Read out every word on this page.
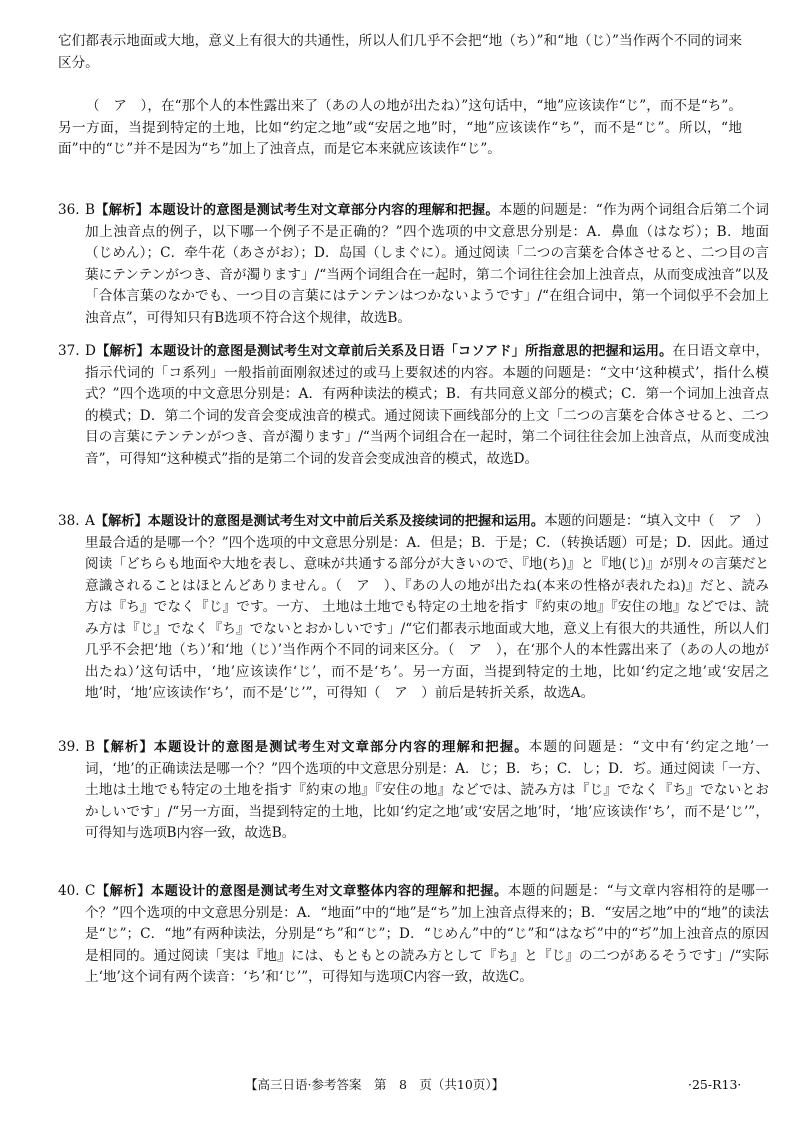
它们都表示地面或大地，意义上有很大的共通性，所以人们几乎不会把“地（ち）”和“地（じ）”当作两个不同的词来区分。
（　ア　），在“那个人的本性露出来了（あの人の地が出たね）”这句话中，“地”应该读作“じ”，而不是“ち”。另一方面，当提到特定的土地，比如“约定之地”或“安居之地”时，“地”应该读作“ち”，而不是“じ”。所以，“地面”中的“じ”并不是因为“ち”加上了浊音点，而是它本来就应该读作“じ”。
36. B【解析】本题设计的意图是测试考生对文章部分内容的理解和把握。本题的问题是：“作为两个词组合后第二个词加上浊音点的例子，以下哪一个例子不是正确的？”四个选项的中文意思分别是：A．鼻血（はなぢ）；B．地面（じめん）；C．牵牛花（あさがお）；D．岛国（しまぐに）。通过阅读「二つの言葉を合体させると、二つ目の言葉にテンテンがつき、音が濁ります」/“当两个词组合在一起时，第二个词往往会加上浊音点，从而变成浊音”以及「合体言葉のなかでも、一つ目の言葉にはテンテンはつかないようです」/“在组合词中，第一个词似乎不会加上浊音点”，可得知只有B选项不符合这个规律，故选B。
37. D【解析】本题设计的意图是测试考生对文章前后关系及日语「コソアド」所指意思的把握和运用。在日语文章中，指示代词的「コ系列」一般指前面刚叙述过的或马上要叙述的内容。本题的问题是：“文中‘这种模式’，指什么模式？”四个选项的中文意思分别是：A．有两种读法的模式；B．有共同意义部分的模式；C．第一个词加上浊音点的模式；D．第二个词的发音会变成浊音的模式。通过阅读下画线部分的上文「二つの言葉を合体させると、二つ目の言葉にテンテンがつき、音が濁ります」/“当两个词组合在一起时，第二个词往往会加上浊音点，从而变成浊音”，可得知“这种模式”指的是第二个词的发音会变成浊音的模式，故选D。
38. A【解析】本题设计的意图是测试考生对文中前后关系及接续词的把握和运用。本题的问题是：“填入文中（　ア　）里最合适的是哪一个？”四个选项的中文意思分别是：A．但是；B．于是；C．（转换话题）可是；D．因此。通过阅读「どちらも地面や大地を表し、意味が共通する部分が大きいので、『地(ち)』と『地(じ)』が別々の言葉だと意識されることはほとんどありません。（　ア　）、『あの人の地が出たね(本来の性格が表れたね)』だと、読み方は『ち』でなく『じ』です。一方、 土地は土地でも特定の土地を指す『約束の地』『安住の地』などでは、読み方は『じ』でなく『ち』でないとおかしいです」/“它们都表示地面或大地，意义上有很大的共通性，所以人们几乎不会把‘地（ち）’和‘地（じ）’当作两个不同的词来区分。（　ア　），在‘那个人的本性露出来了（あの人の地が出たね）’这句话中，‘地’应该读作‘じ’，而不是‘ち’。另一方面，当提到特定的土地，比如‘约定之地’或‘安居之地’时，‘地’应该读作‘ち’，而不是‘じ’”，可得知（　ア　）前后是转折关系，故选A。
39. B【解析】本题设计的意图是测试考生对文章部分内容的理解和把握。本题的问题是：“文中有‘约定之地’一词，‘地’的正确读法是哪一个？”四个选项的中文意思分别是：A．じ；B．ち；C．し；D．ぢ。通过阅读「一方、 土地は土地でも特定の土地を指す『約束の地』『安住の地』などでは、読み方は『じ』でなく『ち』でないとおかしいです」/“另一方面，当提到特定的土地，比如‘约定之地’或‘安居之地’时，‘地’应该读作‘ち’，而不是‘じ’”，可得知与选项B内容一致，故选B。
40. C【解析】本题设计的意图是测试考生对文章整体内容的理解和把握。本题的问题是：“与文章内容相符的是哪一个？”四个选项的中文意思分别是：A．“地面”中的“地”是“ち”加上浊音点得来的；B．“安居之地”中的“地”的读法是“じ”；C．“地”有两种读法，分别是“ち”和“じ”；D．“じめん”中的“じ”和“はなぢ”中的“ぢ”加上浊音点的原因是相同的。通过阅读「実は『地』には、もともとの読み方として『ち』と『じ』の二つがあるそうです」/“实际上‘地’这个词有两个读音：‘ち’和‘じ’”，可得知与选项C内容一致，故选C。
【高三日语·参考答案　第　8　页（共10页）】	·25-R13·
